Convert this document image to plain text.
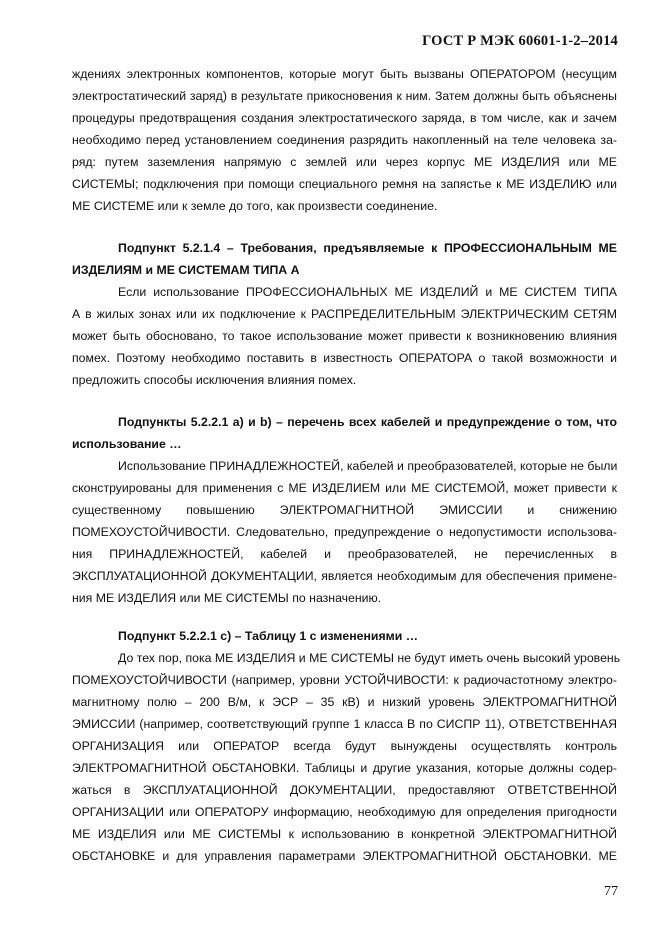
ГОСТ Р МЭК 60601-1-2–2014
ждениях электронных компонентов, которые могут быть вызваны ОПЕРАТОРОМ (несущим
электростатический заряд) в результате прикосновения к ним. Затем должны быть объяснены
процедуры предотвращения создания электростатического заряда, в том числе, как и зачем
необходимо перед установлением соединения разрядить накопленный на теле человека за-
ряд: путем заземления напрямую с землей или через корпус МЕ ИЗДЕЛИЯ или МЕ
СИСТЕМЫ; подключения при помощи специального ремня на запястье к МЕ ИЗДЕЛИЮ или
МЕ СИСТЕМЕ или к земле до того, как произвести соединение.
Подпункт 5.2.1.4 – Требования, предъявляемые к ПРОФЕССИОНАЛЬНЫМ МЕ
ИЗДЕЛИЯМ и МЕ СИСТЕМАМ ТИПА А
Если использование ПРОФЕССИОНАЛЬНЫХ МЕ ИЗДЕЛИЙ и МЕ СИСТЕМ ТИПА
А в жилых зонах или их подключение к РАСПРЕДЕЛИТЕЛЬНЫМ ЭЛЕКТРИЧЕСКИМ СЕТЯМ
может быть обосновано, то такое использование может привести к возникновению влияния
помех. Поэтому необходимо поставить в известность ОПЕРАТОРА о такой возможности и
предложить способы исключения влияния помех.
Подпункты 5.2.2.1 а) и b) – перечень всех кабелей и предупреждение о том, что
использование …
Использование ПРИНАДЛЕЖНОСТЕЙ, кабелей и преобразователей, которые не были
сконструированы для применения с МЕ ИЗДЕЛИЕМ или МЕ СИСТЕМОЙ, может привести к
существенному повышению ЭЛЕКТРОМАГНИТНОЙ ЭМИССИИ и снижению
ПОМЕХОУСТОЙЧИВОСТИ. Следовательно, предупреждение о недопустимости использова-
ния ПРИНАДЛЕЖНОСТЕЙ, кабелей и преобразователей, не перечисленных в
ЭКСПЛУАТАЦИОННОЙ ДОКУМЕНТАЦИИ, является необходимым для обеспечения примене-
ния МЕ ИЗДЕЛИЯ или МЕ СИСТЕМЫ по назначению.
Подпункт 5.2.2.1 с) – Таблицу 1 с изменениями …
До тех пор, пока МЕ ИЗДЕЛИЯ и МЕ СИСТЕМЫ не будут иметь очень высокий уровень
ПОМЕХОУСТОЙЧИВОСТИ (например, уровни УСТОЙЧИВОСТИ: к радиочастотному электро-
магнитному полю – 200 В/м, к ЭСР – 35 кВ) и низкий уровень ЭЛЕКТРОМАГНИТНОЙ
ЭМИССИИ (например, соответствующий группе 1 класса В по СИСПР 11), ОТВЕТСТВЕННАЯ
ОРГАНИЗАЦИЯ или ОПЕРАТОР всегда будут вынуждены осуществлять контроль
ЭЛЕКТРОМАГНИТНОЙ ОБСТАНОВКИ. Таблицы и другие указания, которые должны содер-
жаться в ЭКСПЛУАТАЦИОННОЙ ДОКУМЕНТАЦИИ, предоставляют ОТВЕТСТВЕННОЙ
ОРГАНИЗАЦИИ или ОПЕРАТОРУ информацию, необходимую для определения пригодности
МЕ ИЗДЕЛИЯ или МЕ СИСТЕМЫ к использованию в конкретной ЭЛЕКТРОМАГНИТНОЙ
ОБСТАНОВКЕ и для управления параметрами ЭЛЕКТРОМАГНИТНОЙ ОБСТАНОВКИ. МЕ
77
